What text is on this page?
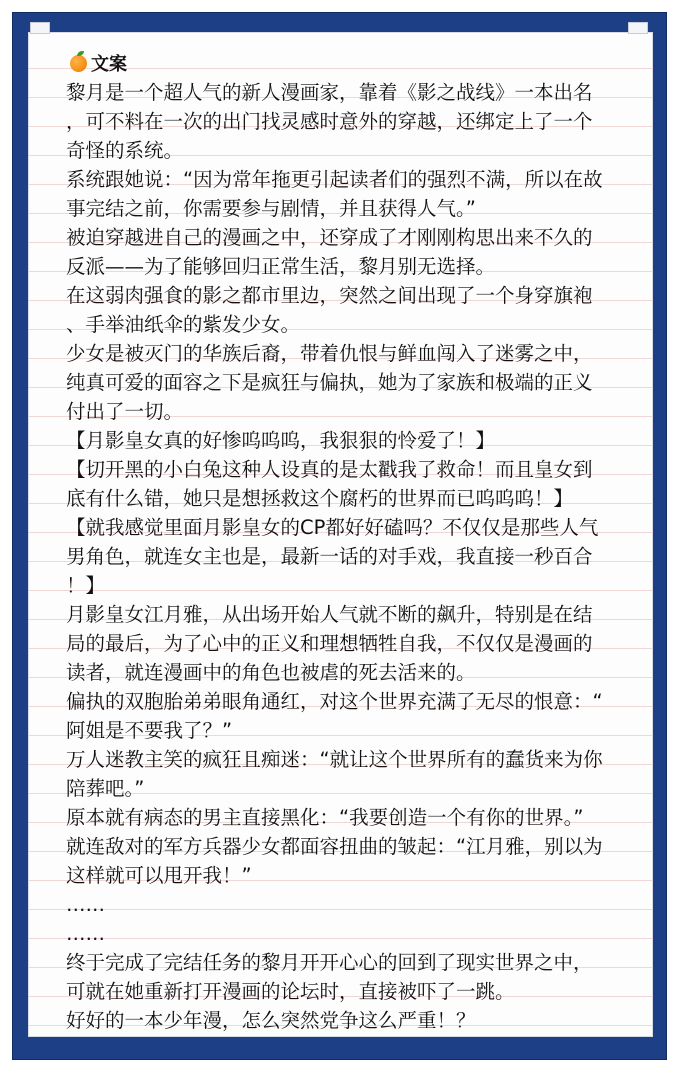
文案
黎月是一个超人气的新人漫画家，靠着《影之战线》一本出名
，可不料在一次的出门找灵感时意外的穿越，还绑定上了一个
奇怪的系统。
系统跟她说：“因为常年拖更引起读者们的强烈不满，所以在故
事完结之前，你需要参与剧情，并且获得人气。”
被迫穿越进自己的漫画之中，还穿成了才刚刚构思出来不久的
反派——为了能够回归正常生活，黎月别无选择。
在这弱肉强食的影之都市里边，突然之间出现了一个身穿旗袍
、手举油纸伞的紫发少女。
少女是被灭门的华族后裔，带着仇恨与鲜血闯入了迷雾之中，
纯真可爱的面容之下是疯狂与偏执，她为了家族和极端的正义
付出了一切。
【月影皇女真的好惨呜呜呜，我狠狠的怜爱了！】
【切开黑的小白兔这种人设真的是太戳我了救命！而且皇女到
底有什么错，她只是想拯救这个腐朽的世界而已呜呜呜！】
【就我感觉里面月影皇女的CP都好好磕吗？不仅仅是那些人气
男角色，就连女主也是，最新一话的对手戏，我直接一秒百合
！】
月影皇女江月雅，从出场开始人气就不断的飙升，特别是在结
局的最后，为了心中的正义和理想牺牲自我，不仅仅是漫画的
读者，就连漫画中的角色也被虐的死去活来的。
偏执的双胞胎弟弟眼角通红，对这个世界充满了无尽的恨意：“
阿姐是不要我了？”
万人迷教主笑的疯狂且痴迷：“就让这个世界所有的蠢货来为你
陪葬吧。”
原本就有病态的男主直接黑化：“我要创造一个有你的世界。”
就连敌对的军方兵器少女都面容扭曲的皱起：“江月雅，别以为
这样就可以甩开我！”
……
……
终于完成了完结任务的黎月开开心心的回到了现实世界之中，
可就在她重新打开漫画的论坛时，直接被吓了一跳。
好好的一本少年漫，怎么突然党争这么严重！？
